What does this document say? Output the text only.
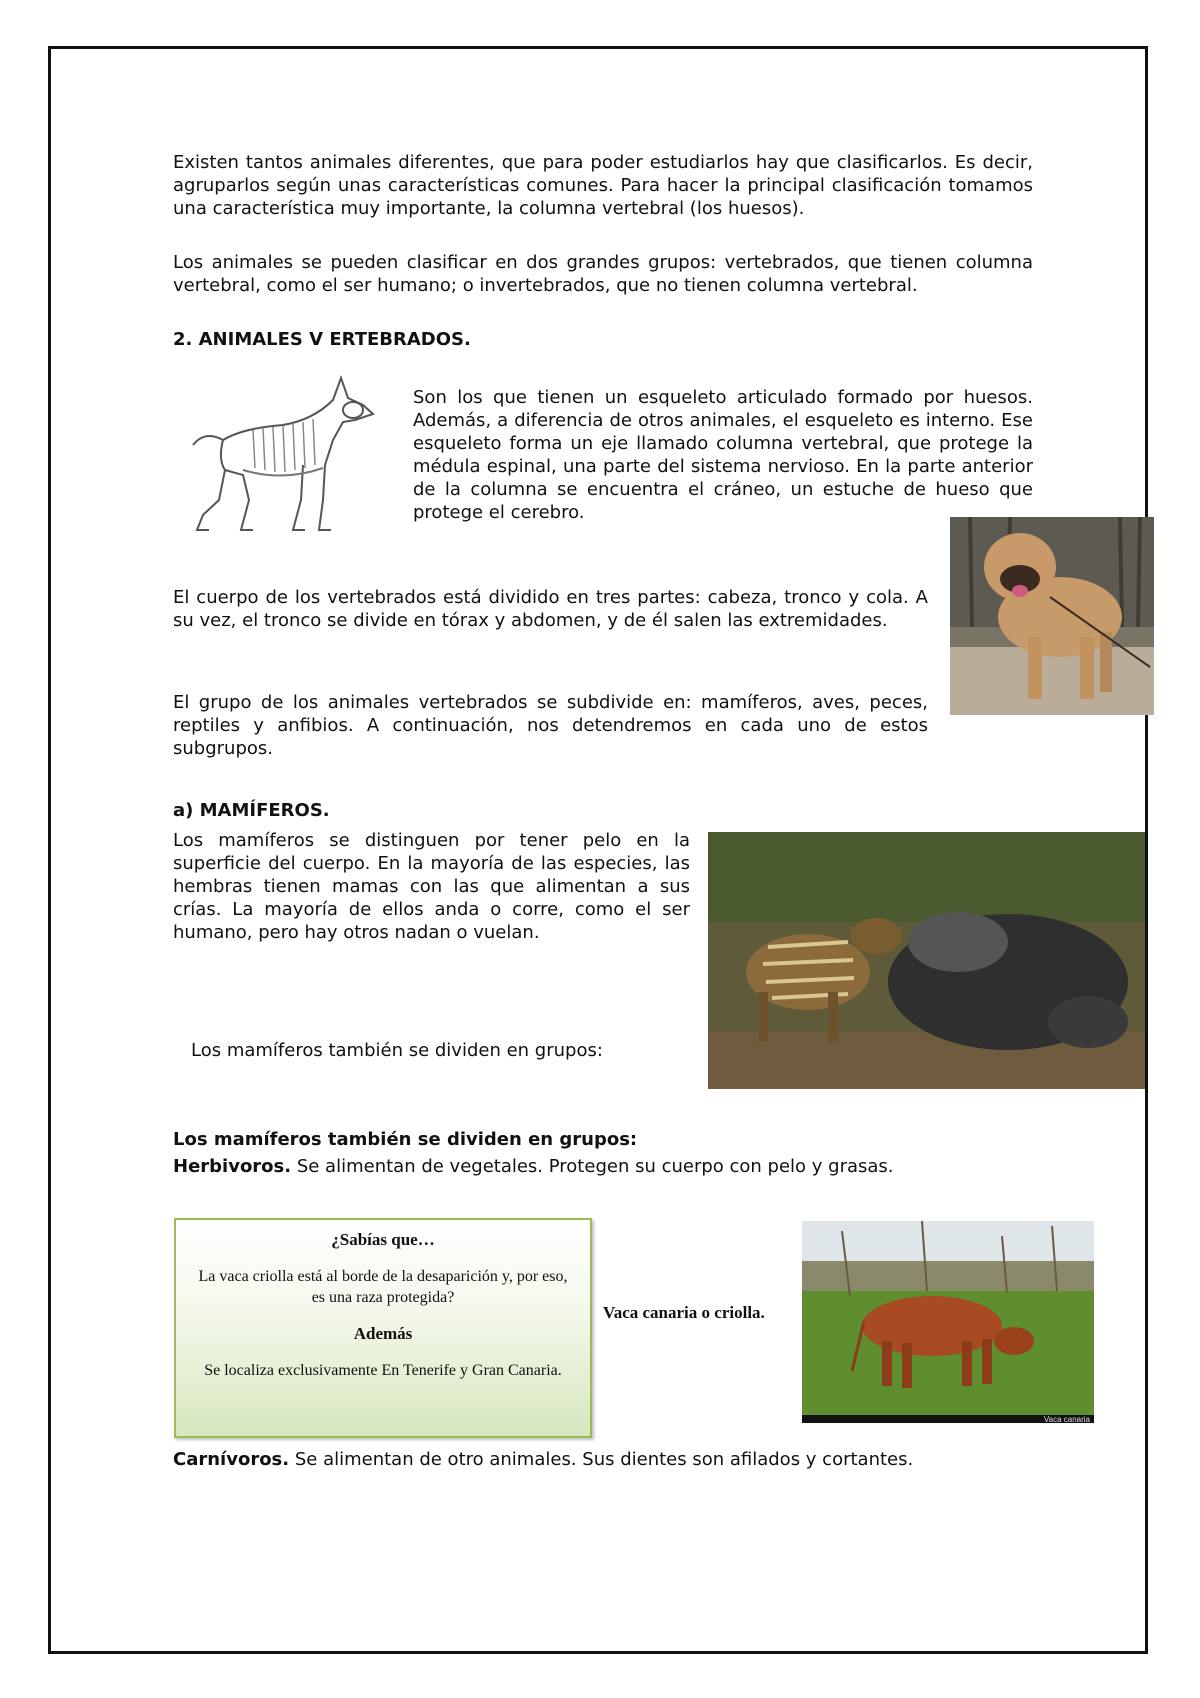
Existen tantos animales diferentes, que para poder estudiarlos hay que clasificarlos. Es decir, agruparlos según unas características comunes. Para hacer la principal clasificación tomamos una característica muy importante, la columna vertebral (los huesos).

Los animales se pueden clasificar en dos grandes grupos: vertebrados, que tienen columna vertebral, como el ser humano; o invertebrados, que no tienen columna vertebral.

2. ANIMALES V ERTEBRADOS.

Son los que tienen un esqueleto articulado formado por huesos. Además, a diferencia de otros animales, el esqueleto es interno. Ese esqueleto forma un eje llamado columna vertebral, que protege la médula espinal, una parte del sistema nervioso. En la parte anterior de la columna se encuentra el cráneo, un estuche de hueso que protege el cerebro.

El cuerpo de los vertebrados está dividido en tres partes: cabeza, tronco y cola. A su vez, el tronco se divide en tórax y abdomen, y de él salen las extremidades.

El grupo de los animales vertebrados se subdivide en: mamíferos, aves, peces, reptiles y anfibios. A continuación, nos detendremos en cada uno de estos subgrupos.

a) MAMÍFEROS.

Los mamíferos se distinguen por tener pelo en la superficie del cuerpo. En la mayoría de las especies, las hembras tienen mamas con las que alimentan a sus crías. La mayoría de ellos anda o corre, como el ser humano, pero hay otros nadan o vuelan.

Los mamíferos también se dividen en grupos:

Los mamíferos también se dividen en grupos:

Herbivoros. Se alimentan de vegetales. Protegen su cuerpo con pelo y grasas.

¿Sabías que…
La vaca criolla está al borde de la desaparición y, por eso, es una raza protegida?
Además
Se localiza exclusivamente En Tenerife y Gran Canaria.
Vaca canaria o criolla.
Vaca canaria

Carnívoros. Se alimentan de otro animales. Sus dientes son afilados y cortantes.
